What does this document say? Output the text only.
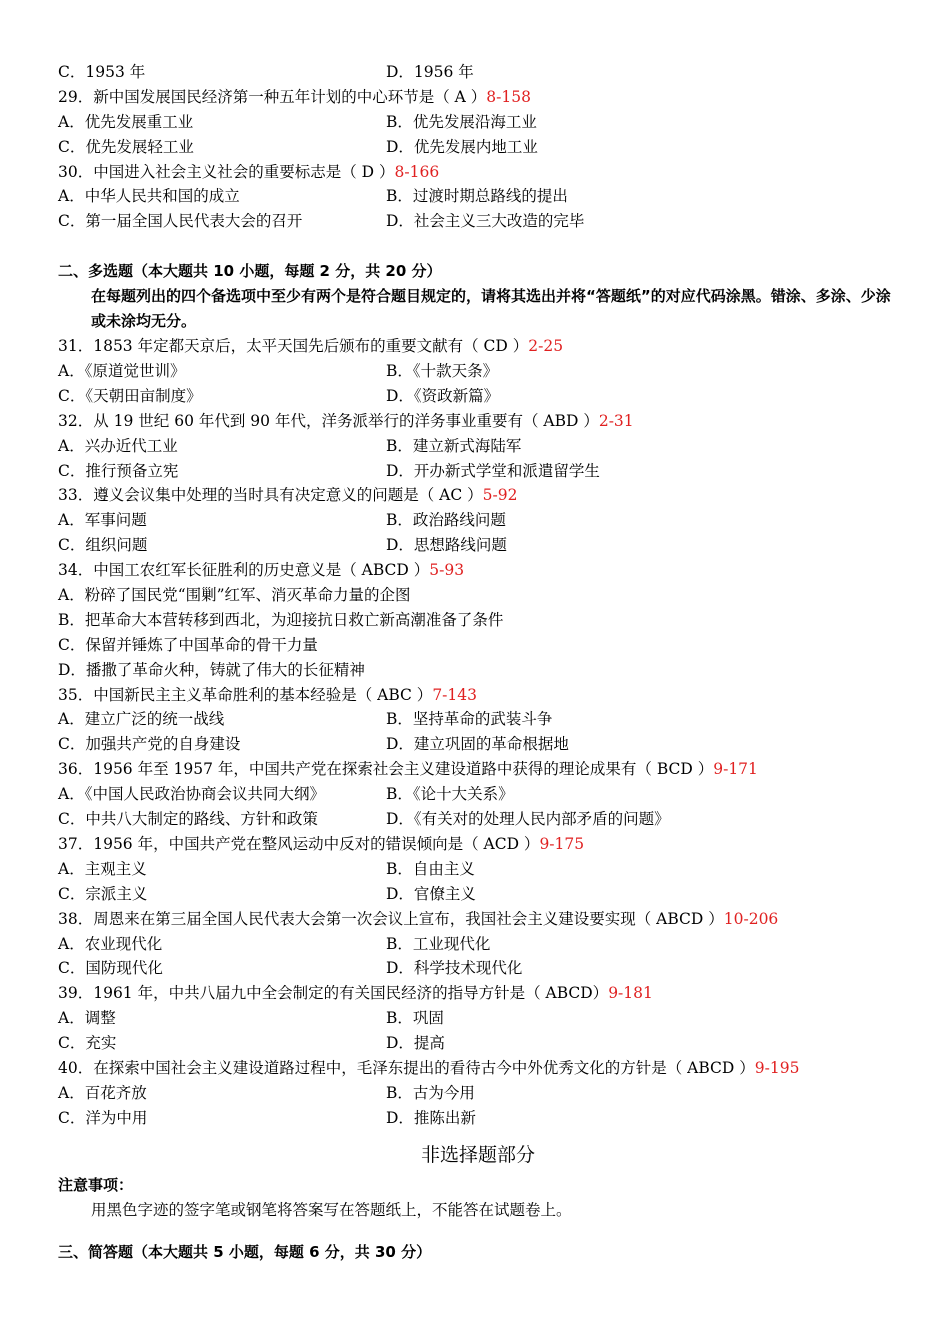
C．1953 年	D．1956 年
29．新中国发展国民经济第一种五年计划的中心环节是（ A ）8-158
A．优先发展重工业	B．优先发展沿海工业
C．优先发展轻工业	D．优先发展内地工业
30．中国进入社会主义社会的重要标志是（ D ）8-166
A．中华人民共和国的成立	B．过渡时期总路线的提出
C．第一届全国人民代表大会的召开	D．社会主义三大改造的完毕
二、多选题（本大题共 10 小题，每题 2 分，共 20 分）
在每题列出的四个备选项中至少有两个是符合题目规定的，请将其选出并将“答题纸”的对应代码涂黑。错涂、多涂、少涂或未涂均无分。
31．1853 年定都天京后，太平天国先后颁布的重要文献有（ CD ）2-25
A．《原道觉世训》	B．《十款天条》
C．《天朝田亩制度》	D．《资政新篇》
32．从 19 世纪 60 年代到 90 年代，洋务派举行的洋务事业重要有（ ABD ）2-31
A．兴办近代工业	B．建立新式海陆军
C．推行预备立宪	D．开办新式学堂和派遣留学生
33．遵义会议集中处理的当时具有决定意义的问题是（ AC ）5-92
A．军事问题	B．政治路线问题
C．组织问题	D．思想路线问题
34．中国工农红军长征胜利的历史意义是（ ABCD ）5-93
A．粉碎了国民党“围剿”红军、消灭革命力量的企图
B．把革命大本营转移到西北，为迎接抗日救亡新高潮准备了条件
C．保留并锤炼了中国革命的骨干力量
D．播撒了革命火种，铸就了伟大的长征精神
35．中国新民主主义革命胜利的基本经验是（ ABC ）7-143
A．建立广泛的统一战线	B．坚持革命的武装斗争
C．加强共产党的自身建设	D．建立巩固的革命根据地
36．1956 年至 1957 年，中国共产党在探索社会主义建设道路中获得的理论成果有（ BCD ）9-171
A．《中国人民政治协商会议共同大纲》	B．《论十大关系》
C．中共八大制定的路线、方针和政策	D．《有关对的处理人民内部矛盾的问题》
37．1956 年，中国共产党在整风运动中反对的错误倾向是（ ACD ）9-175
A．主观主义	B．自由主义
C．宗派主义	D．官僚主义
38．周恩来在第三届全国人民代表大会第一次会议上宣布，我国社会主义建设要实现（ ABCD ）10-206
A．农业现代化	B．工业现代化
C．国防现代化	D．科学技术现代化
39．1961 年，中共八届九中全会制定的有关国民经济的指导方针是（ ABCD）9-181
A．调整	B．巩固
C．充实	D．提高
40．在探索中国社会主义建设道路过程中，毛泽东提出的看待古今中外优秀文化的方针是（ ABCD ）9-195
A．百花齐放	B．古为今用
C．洋为中用	D．推陈出新
非选择题部分
注意事项：
用黑色字迹的签字笔或钢笔将答案写在答题纸上，不能答在试题卷上。
三、简答题（本大题共 5 小题，每题 6 分，共 30 分）
